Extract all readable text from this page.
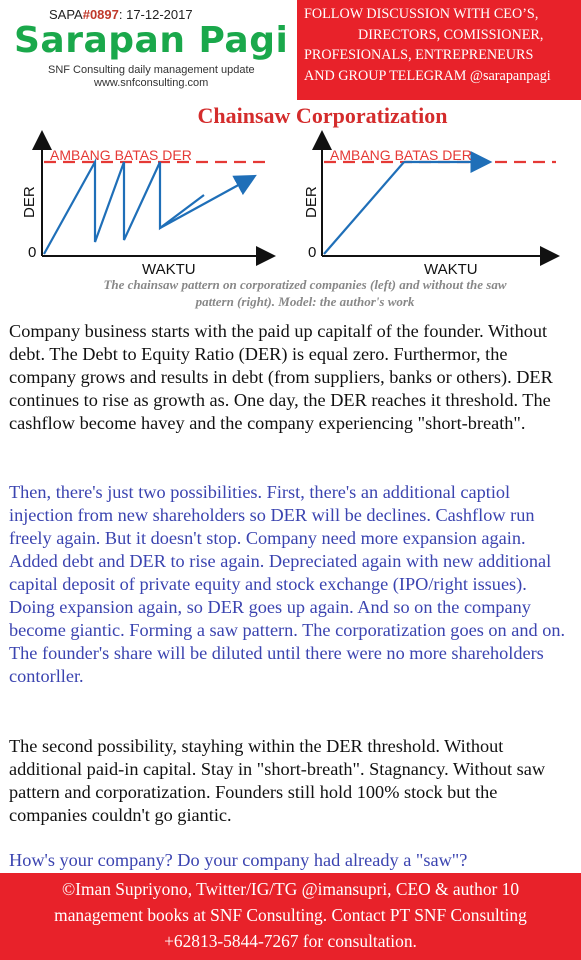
SAPA#0897: 17-12-2017
Sarapan Pagi
SNF Consulting daily management update
www.snfconsulting.com
FOLLOW DISCUSSION WITH CEO’S,
DIRECTORS, COMISSIONER,
PROFESIONALS, ENTREPRENEURS
AND GROUP TELEGRAM @sarapanpagi
Chainsaw Corporatization
AMBANG BATAS DER
DER
0
WAKTU
AMBANG BATAS DER
DER
0
WAKTU
The chainsaw pattern on corporatized companies (left) and without the saw
pattern (right). Model: the author's work

Company business starts with the paid up capitalf of the founder. Without debt. The Debt to Equity Ratio (DER) is equal zero. Furthermor, the company grows and results in debt (from suppliers, banks or others). DER continues to rise as growth as. One day, the DER reaches it threshold. The cashflow become havey and the company experiencing "short-breath".

Then, there's just two possibilities. First, there's an additional captiol injection from new shareholders so DER will be declines. Cashflow run freely again. But it doesn't stop. Company need more expansion again. Added debt and DER to rise again. Depreciated again with new additional capital deposit of private equity and stock exchange (IPO/right issues). Doing expansion again, so DER goes up again. And so on the company become giantic. Forming a saw pattern. The corporatization goes on and on. The founder's share will be diluted until there were no more shareholders contorller.

The second possibility, stayhing within the DER threshold. Without additional paid-in capital. Stay in "short-breath". Stagnancy. Without saw pattern and corporatization. Founders still hold 100% stock but the companies couldn't go giantic.

How's your company? Do your company had already a "saw"?

©Iman Supriyono, Twitter/IG/TG @imansupri, CEO & author 10
management books at SNF Consulting. Contact PT SNF Consulting
+62813-5844-7267 for consultation.
